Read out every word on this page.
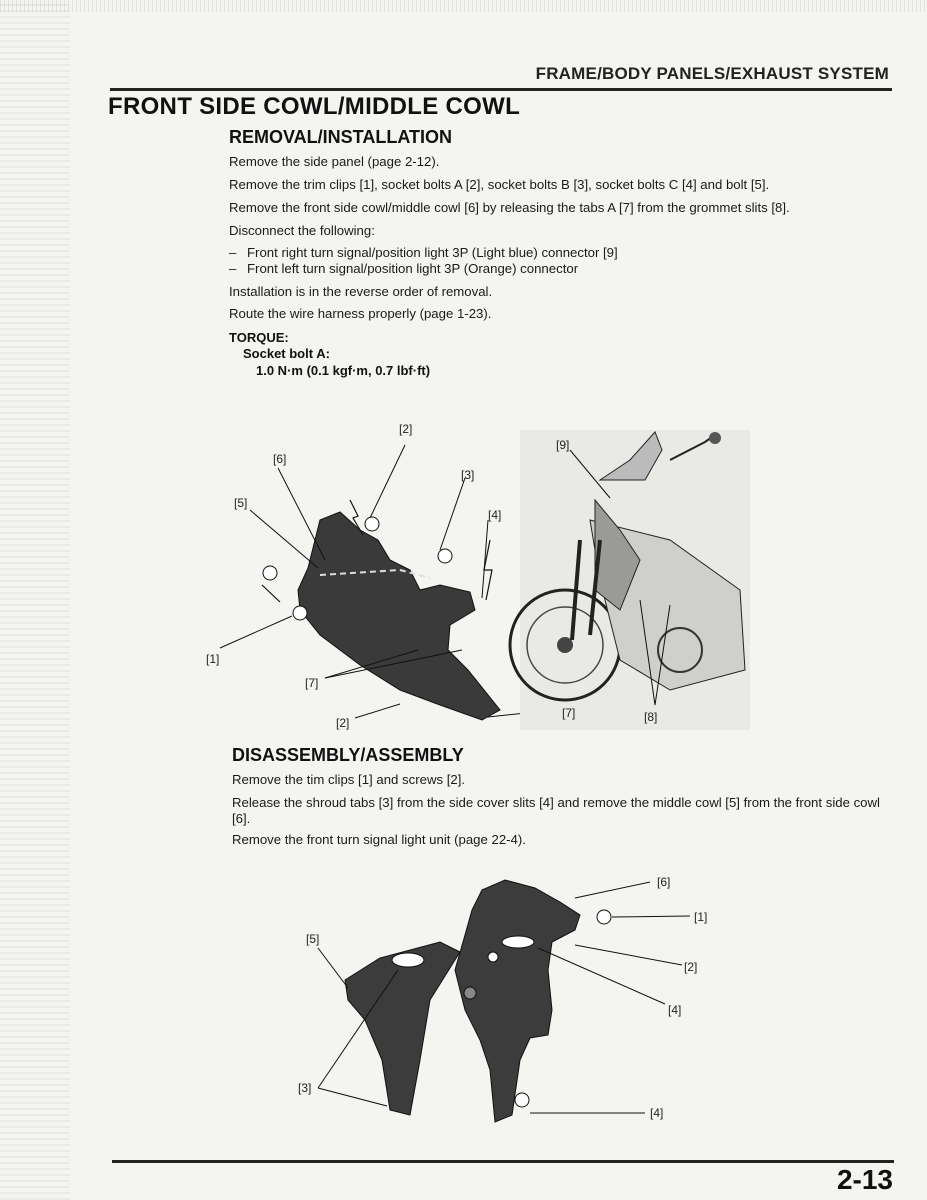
FRAME/BODY PANELS/EXHAUST SYSTEM
FRONT SIDE COWL/MIDDLE COWL
REMOVAL/INSTALLATION
Remove the side panel (page 2-12).
Remove the trim clips [1], socket bolts A [2], socket bolts B [3], socket bolts C [4] and bolt [5].
Remove the front side cowl/middle cowl [6] by releasing the tabs A [7] from the grommet slits [8].
Disconnect the following:
– Front right turn signal/position light 3P (Light blue) connector [9]
– Front left turn signal/position light 3P (Orange) connector
Installation is in the reverse order of removal.
Route the wire harness properly (page 1-23).
TORQUE:
Socket bolt A:
1.0 N·m (0.1 kgf·m, 0.7 lbf·ft)
[2]
[6]
[3]
[5]
[4]
[1]
[7]
[2]
[9]
[7]	[8]
DISASSEMBLY/ASSEMBLY
Remove the tim clips [1] and screws [2].
Release the shroud tabs [3] from the side cover slits [4] and remove the middle cowl [5] from the front side cowl
[6].
Remove the front turn signal light unit (page 22-4).
[6]
[1]
[5]
[2]
[4]
[3]
[4]
2-13
